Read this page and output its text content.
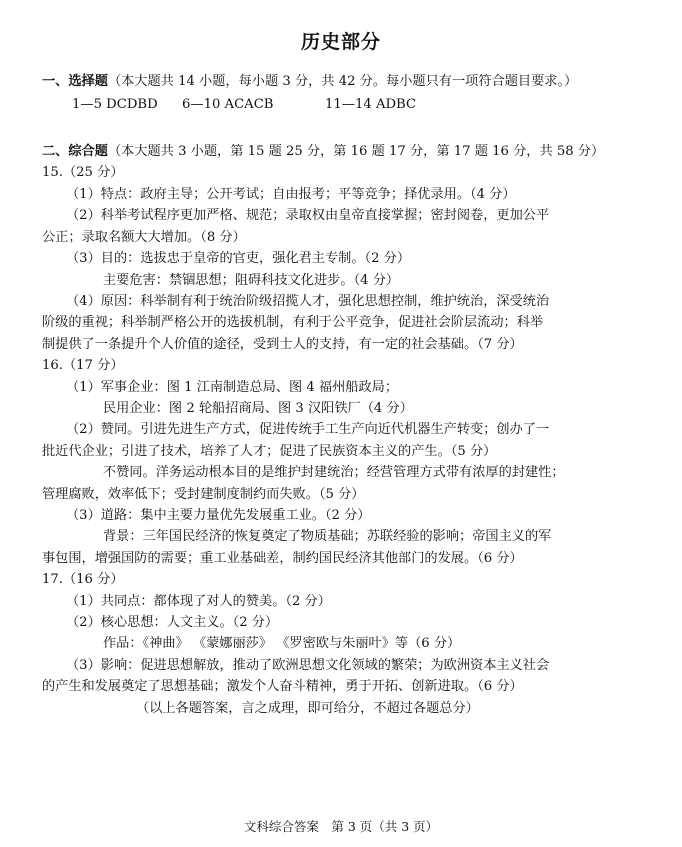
历史部分
一、选择题（本大题共 14 小题，每小题 3 分，共 42 分。每小题只有一项符合题目要求。）
1—5 DCDBD 6—10 ACACB	11—14 ADBC
二、综合题（本大题共 3 小题，第 15 题 25 分，第 16 题 17 分，第 17 题 16 分，共 58 分）
15.（25 分）
（1）特点：政府主导；公开考试；自由报考；平等竞争；择优录用。（4 分）
（2）科举考试程序更加严格、规范；录取权由皇帝直接掌握；密封阅卷，更加公平
公正；录取名额大大增加。（8 分）
（3）目的：选拔忠于皇帝的官吏，强化君主专制。（2 分）
主要危害：禁锢思想；阻碍科技文化进步。（4 分）
（4）原因：科举制有利于统治阶级招揽人才，强化思想控制，维护统治，深受统治
阶级的重视；科举制严格公开的选拔机制，有利于公平竞争，促进社会阶层流动；科举
制提供了一条提升个人价值的途径，受到士人的支持，有一定的社会基础。（7 分）
16.（17 分）
（1）军事企业：图 1 江南制造总局、图 4 福州船政局；
民用企业：图 2 轮船招商局、图 3 汉阳铁厂（4 分）
（2）赞同。引进先进生产方式，促进传统手工生产向近代机器生产转变；创办了一
批近代企业；引进了技术，培养了人才；促进了民族资本主义的产生。（5 分）
不赞同。洋务运动根本目的是维护封建统治；经营管理方式带有浓厚的封建性；
管理腐败，效率低下；受封建制度制约而失败。（5 分）
（3）道路：集中主要力量优先发展重工业。（2 分）
背景：三年国民经济的恢复奠定了物质基础；苏联经验的影响；帝国主义的军
事包围，增强国防的需要；重工业基础差，制约国民经济其他部门的发展。（6 分）
17.（16 分）
（1）共同点：都体现了对人的赞美。（2 分）
（2）核心思想：人文主义。（2 分）
作品：《神曲》 《蒙娜丽莎》 《罗密欧与朱丽叶》等（6 分）
（3）影响：促进思想解放，推动了欧洲思想文化领域的繁荣；为欧洲资本主义社会
的产生和发展奠定了思想基础；激发个人奋斗精神，勇于开拓、创新进取。（6 分）
（以上各题答案，言之成理，即可给分，不超过各题总分）
文科综合答案　第 3 页（共 3 页）
